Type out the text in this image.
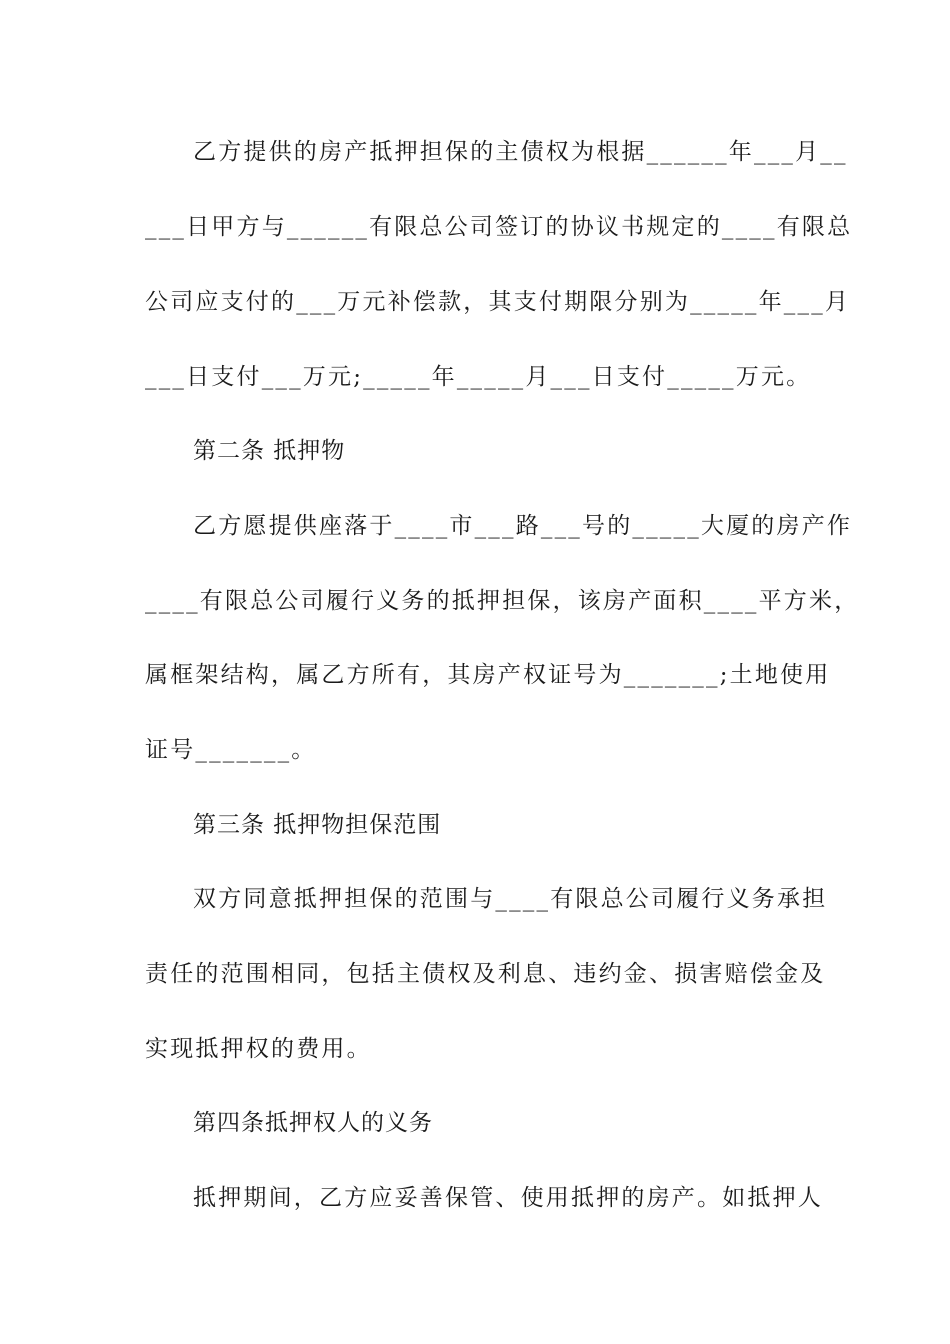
乙方提供的房产抵押担保的主债权为根据______年___月__
___日甲方与______有限总公司签订的协议书规定的____有限总
公司应支付的___万元补偿款，其支付期限分别为_____年___月
___日支付___万元;_____年_____月___日支付_____万元。
第二条 抵押物
乙方愿提供座落于____市___路___号的_____大厦的房产作
____有限总公司履行义务的抵押担保，该房产面积____平方米，
属框架结构，属乙方所有，其房产权证号为_______;土地使用
证号_______。
第三条 抵押物担保范围
双方同意抵押担保的范围与____有限总公司履行义务承担
责任的范围相同，包括主债权及利息、违约金、损害赔偿金及
实现抵押权的费用。
第四条抵押权人的义务
抵押期间，乙方应妥善保管、使用抵押的房产。如抵押人
